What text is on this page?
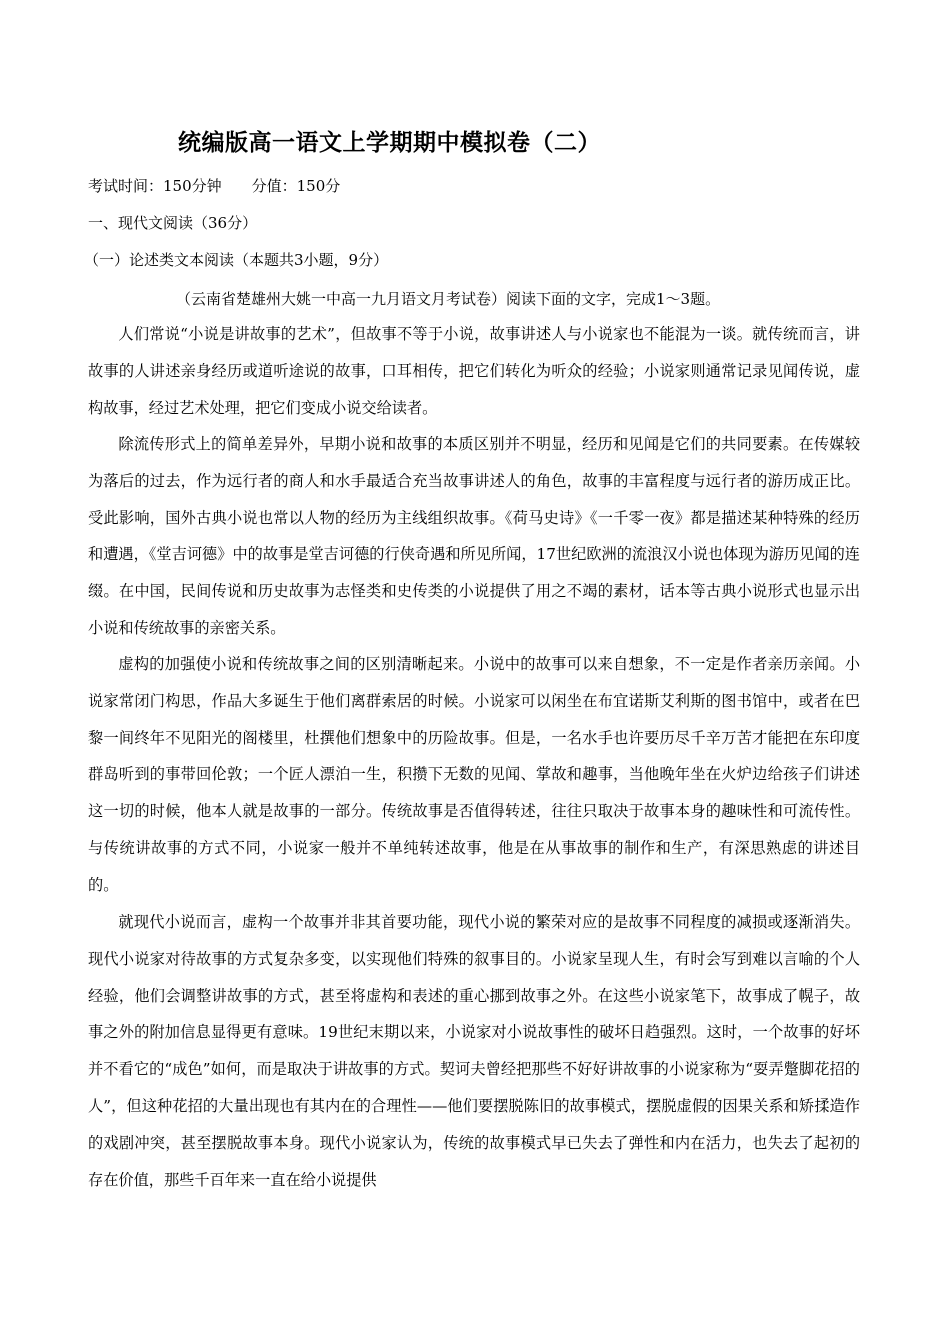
统编版高一语文上学期期中模拟卷（二）
考试时间：150分钟 分值：150分
一、现代文阅读（36分）
（一）论述类文本阅读（本题共3小题，9分）
（云南省楚雄州大姚一中高一九月语文月考试卷）阅读下面的文字，完成1～3题。
人们常说“小说是讲故事的艺术”，但故事不等于小说，故事讲述人与小说家也不能混为一谈。就传统而言，讲故事的人讲述亲身经历或道听途说的故事，口耳相传，把它们转化为听众的经验；小说家则通常记录见闻传说，虚构故事，经过艺术处理，把它们变成小说交给读者。
除流传形式上的简单差异外，早期小说和故事的本质区别并不明显，经历和见闻是它们的共同要素。在传媒较为落后的过去，作为远行者的商人和水手最适合充当故事讲述人的角色，故事的丰富程度与远行者的游历成正比。受此影响，国外古典小说也常以人物的经历为主线组织故事。《荷马史诗》《一千零一夜》都是描述某种特殊的经历和遭遇，《堂吉诃德》中的故事是堂吉诃德的行侠奇遇和所见所闻，17世纪欧洲的流浪汉小说也体现为游历见闻的连缀。在中国，民间传说和历史故事为志怪类和史传类的小说提供了用之不竭的素材，话本等古典小说形式也显示出小说和传统故事的亲密关系。
虚构的加强使小说和传统故事之间的区别清晰起来。小说中的故事可以来自想象，不一定是作者亲历亲闻。小说家常闭门构思，作品大多诞生于他们离群索居的时候。小说家可以闲坐在布宜诺斯艾利斯的图书馆中，或者在巴黎一间终年不见阳光的阁楼里，杜撰他们想象中的历险故事。但是，一名水手也许要历尽千辛万苦才能把在东印度群岛听到的事带回伦敦；一个匠人漂泊一生，积攒下无数的见闻、掌故和趣事，当他晚年坐在火炉边给孩子们讲述这一切的时候，他本人就是故事的一部分。传统故事是否值得转述，往往只取决于故事本身的趣味性和可流传性。与传统讲故事的方式不同，小说家一般并不单纯转述故事，他是在从事故事的制作和生产，有深思熟虑的讲述目的。
就现代小说而言，虚构一个故事并非其首要功能，现代小说的繁荣对应的是故事不同程度的减损或逐渐消失。现代小说家对待故事的方式复杂多变，以实现他们特殊的叙事目的。小说家呈现人生，有时会写到难以言喻的个人经验，他们会调整讲故事的方式，甚至将虚构和表述的重心挪到故事之外。在这些小说家笔下，故事成了幌子，故事之外的附加信息显得更有意味。19世纪末期以来，小说家对小说故事性的破坏日趋强烈。这时，一个故事的好坏并不看它的“成色”如何，而是取决于讲故事的方式。契诃夫曾经把那些不好好讲故事的小说家称为“耍弄蹩脚花招的人”，但这种花招的大量出现也有其内在的合理性——他们要摆脱陈旧的故事模式，摆脱虚假的因果关系和矫揉造作的戏剧冲突，甚至摆脱故事本身。现代小说家认为，传统的故事模式早已失去了弹性和内在活力，也失去了起初的存在价值，那些千百年来一直在给小说提供
